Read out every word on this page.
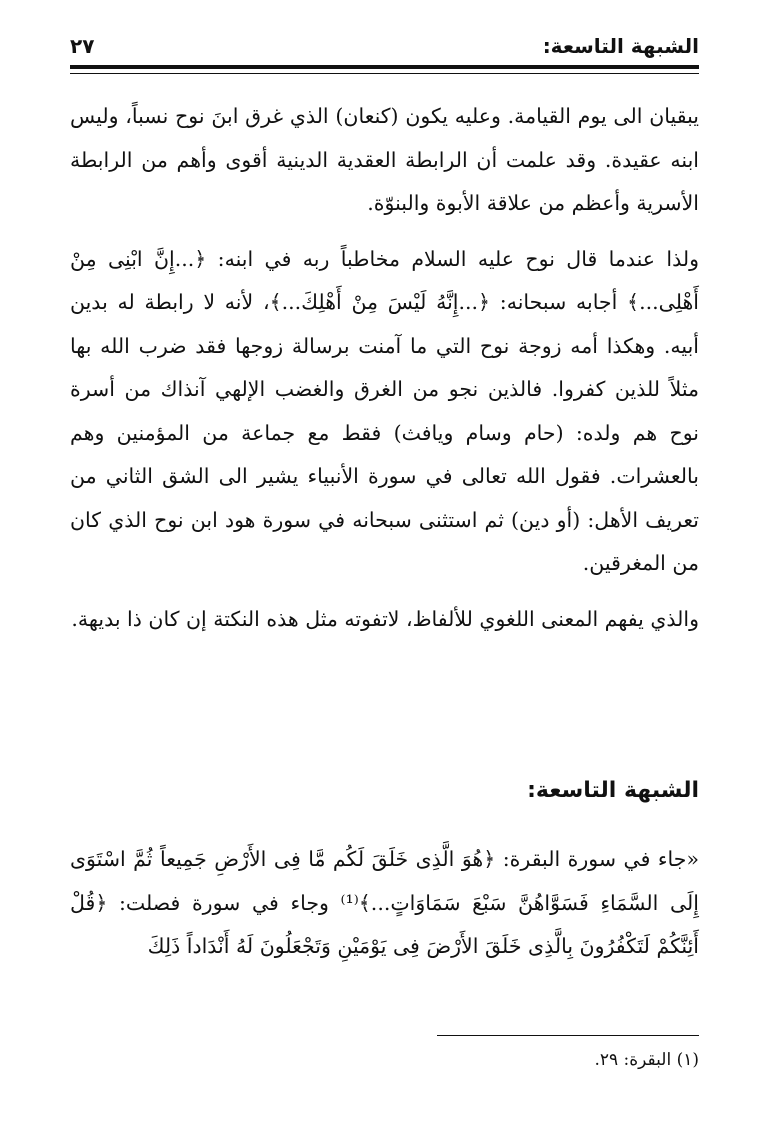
الشبهة التاسعة:
٢٧

يبقيان الى يوم القيامة. وعليه يكون (كنعان) الذي غرق ابنَ نوح نسباً، وليس ابنه عقيدة. وقد علمت أن الرابطة العقدية الدينية أقوى وأهم من الرابطة الأسرية وأعظم من علاقة الأبوة والبنوّة.

ولذا عندما قال نوح عليه السلام مخاطباً ربه في ابنه: ﴿...إِنَّ ابْنِى مِنْ أَهْلِى...﴾ أجابه سبحانه: ﴿...إِنَّهُ لَيْسَ مِنْ أَهْلِكَ...﴾، لأنه لا رابطة له بدين أبيه. وهكذا أمه زوجة نوح التي ما آمنت برسالة زوجها فقد ضرب الله بها مثلاً للذين كفروا. فالذين نجو من الغرق والغضب الإلهي آنذاك من أسرة نوح هم ولده: (حام وسام ويافث) فقط مع جماعة من المؤمنين وهم بالعشرات. فقول الله تعالى في سورة الأنبياء يشير الى الشق الثاني من تعريف الأهل: (أو دين) ثم استثنى سبحانه في سورة هود ابن نوح الذي كان من المغرقين.

والذي يفهم المعنى اللغوي للألفاظ، لاتفوته مثل هذه النكتة إن كان ذا بديهة.

الشبهة التاسعة:

«جاء في سورة البقرة: ﴿هُوَ الَّذِى خَلَقَ لَكُم مَّا فِى الأَرْضِ جَمِيعاً ثُمَّ اسْتَوَى إِلَى السَّمَاءِ فَسَوَّاهُنَّ سَبْعَ سَمَاوَاتٍ...﴾⁽¹⁾ وجاء في سورة فصلت: ﴿قُلْ أَئِنَّكُمْ لَتَكْفُرُونَ بِالَّذِى خَلَقَ الأَرْضَ فِى يَوْمَيْنِ وَتَجْعَلُونَ لَهُ أَنْدَاداً ذَلِكَ

(١) البقرة: ٢٩.
